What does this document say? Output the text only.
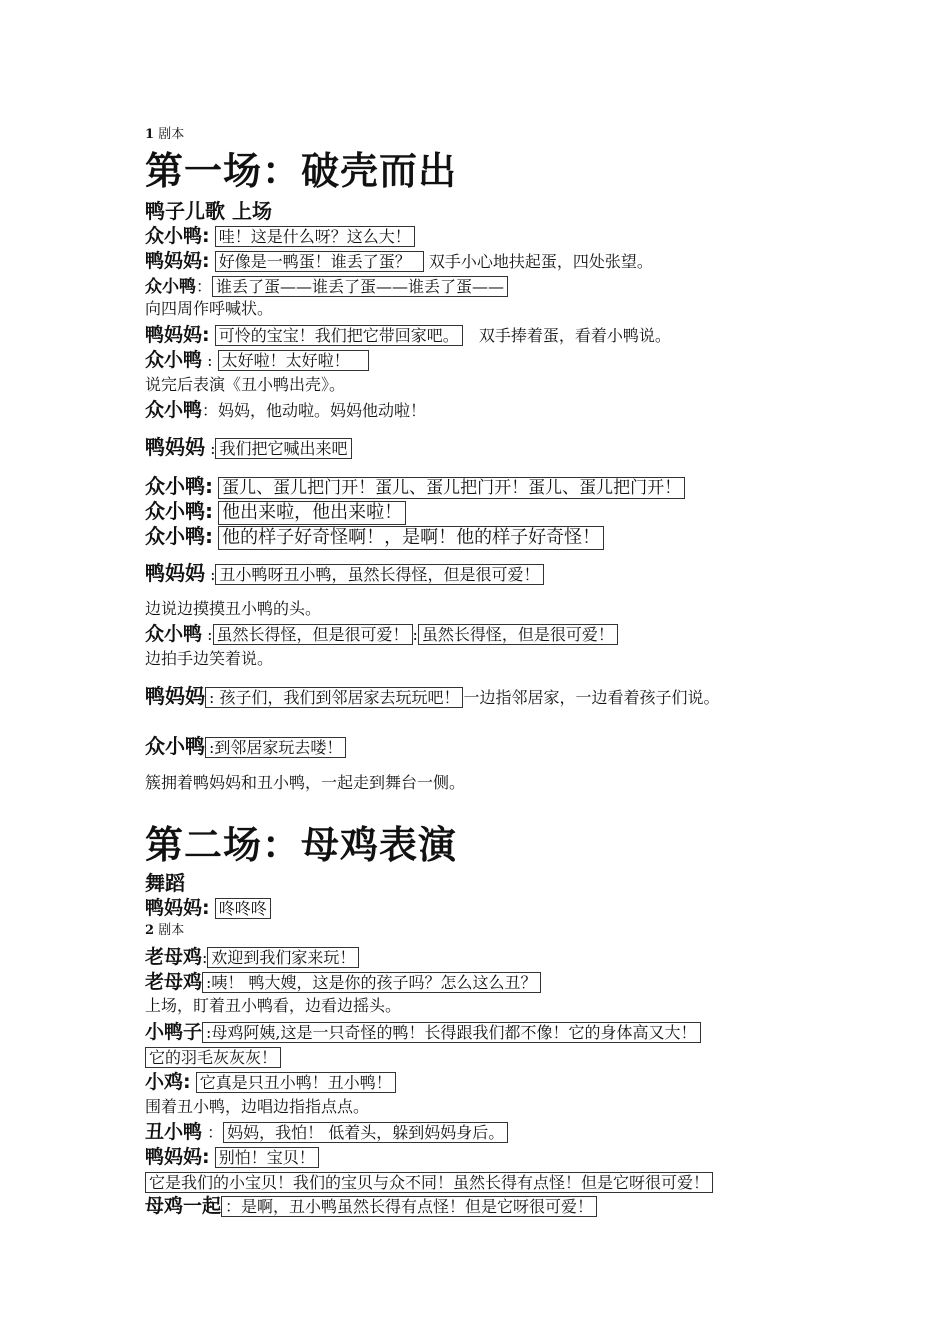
1 剧本
第一场：破壳而出
鸭子儿歌 上场
众小鸭: 哇！这是什么呀？这么大！
鸭妈妈: 好像是一鸭蛋！谁丢了蛋？ 双手小心地扶起蛋，四处张望。
众小鸭： 谁丢了蛋——谁丢了蛋——谁丢了蛋——
向四周作呼喊状。
鸭妈妈: 可怜的宝宝！我们把它带回家吧。 双手捧着蛋，看着小鸭说。
众小鸭 : 太好啦！太好啦！
说完后表演《丑小鸭出壳》。
众小鸭：妈妈，他动啦。妈妈他动啦！
鸭妈妈 : 我们把它喊出来吧
众小鸭: 蛋儿、蛋儿把门开！蛋儿、蛋儿把门开！蛋儿、蛋儿把门开！
众小鸭: 他出来啦，他出来啦！
众小鸭: 他的样子好奇怪啊！，是啊！他的样子好奇怪！
鸭妈妈 : 丑小鸭呀丑小鸭，虽然长得怪，但是很可爱！
边说边摸摸丑小鸭的头。
众小鸭 : 虽然长得怪，但是很可爱！ : 虽然长得怪，但是很可爱！
边拍手边笑着说。
鸭妈妈 : 孩子们，我们到邻居家去玩玩吧！ 一边指邻居家，一边看着孩子们说。
众小鸭 :到邻居家玩去喽！
簇拥着鸭妈妈和丑小鸭，一起走到舞台一侧。
第二场：母鸡表演
舞蹈
鸭妈妈: 咚咚咚
2 剧本
老母鸡: 欢迎到我们家来玩！
老母鸡 :咦！ 鸭大嫂，这是你的孩子吗？怎么这么丑？
上场，盯着丑小鸭看，边看边摇头。
小鸭子 :母鸡阿姨,这是一只奇怪的鸭！长得跟我们都不像！它的身体高又大！
它的羽毛灰灰灰！
小鸡: 它真是只丑小鸭！丑小鸭！
围着丑小鸭，边唱边指指点点。
丑小鸭 ： 妈妈，我怕！ 低着头，躲到妈妈身后。
鸭妈妈: 别怕！宝贝！
它是我们的小宝贝！我们的宝贝与众不同！虽然长得有点怪！但是它呀很可爱！
母鸡一起 ：是啊，丑小鸭虽然长得有点怪！但是它呀很可爱！
